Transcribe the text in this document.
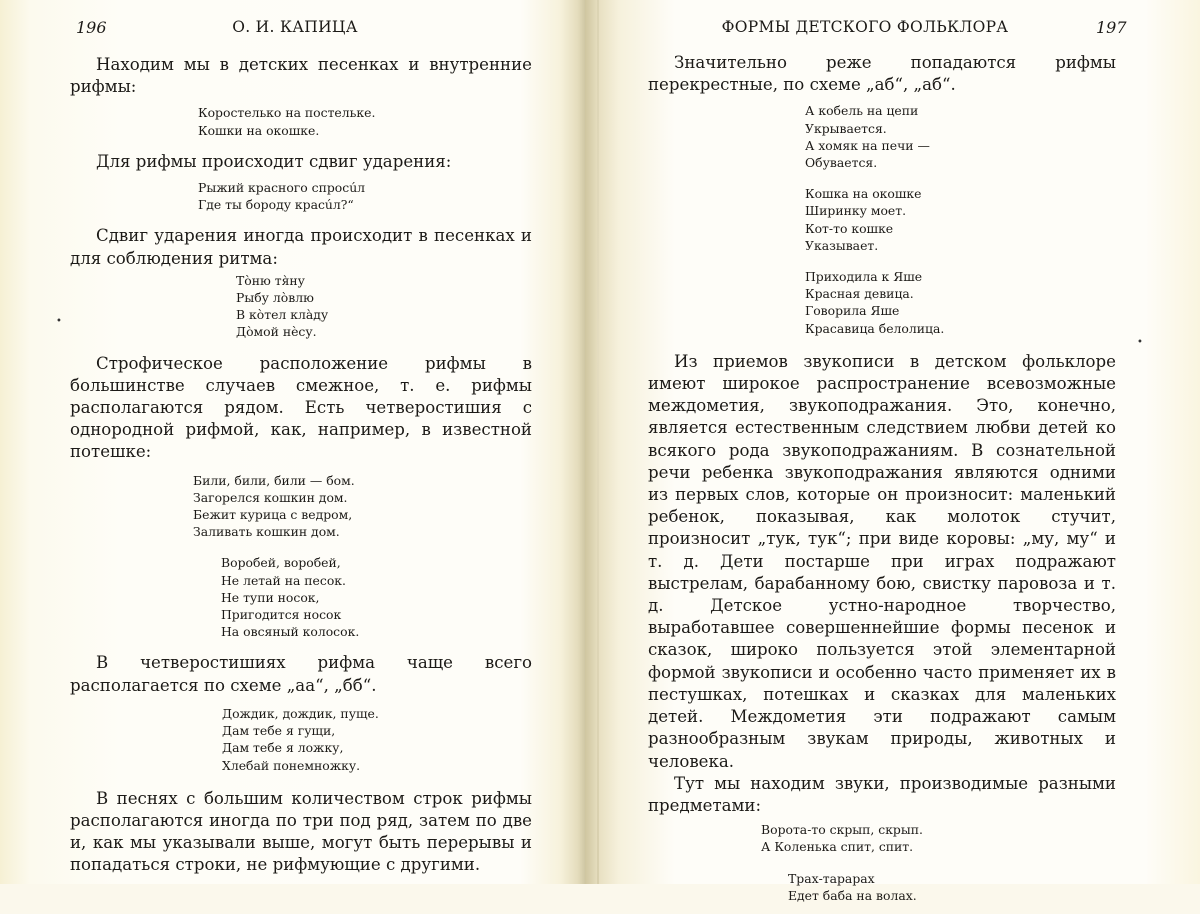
196	О. И. КАПИЦА
•

Находим мы в детских песенках и внутренние рифмы:

Коростелько на постельке.
Кошки на окошке.

Для рифмы происходит сдвиг ударения:

Рыжий красного спросúл
Где ты бороду красúл?“

Сдвиг ударения иногда происходит в песенках и для соблюдения ритма:

Тòню тя̀ну
Рыбу лòвлю
В кòтел кла̀ду
Дòмой нèсу.

Строфическое расположение рифмы в большинстве случаев смежное, т. е. рифмы располагаются рядом. Есть четверостишия с однородной рифмой, как, например, в известной потешке:

Били, били, били — бом.
Загорелся кошкин дом.
Бежит курица с ведром,
Заливать кошкин дом.
Воробей, воробей,
Не летай на песок.
Не тупи носок,
Пригодится носок
На овсяный колосок.

В четверостишиях рифма чаще всего располагается по схеме „аа“, „бб“.

Дождик, дождик, пуще.
Дам тебе я гущи,
Дам тебе я ложку,
Хлебай понемножку.

В песнях с большим количеством строк рифмы располагаются иногда по три под ряд, затем по две и, как мы указывали выше, могут быть перерывы и попадаться строки, не рифмующие с другими.

ФОРМЫ ДЕТСКОГО ФОЛЬКЛОРА	197
•

Значительно реже попадаются рифмы перекрестные, по схеме „аб“, „аб“.

А кобель на цепи
Укрывается.
А хомяк на печи —
Обувается.
Кошка на окошке
Ширинку моет.
Кот-то кошке
Указывает.
Приходила к Яше
Красная девица.
Говорила Яше
Красавица белолица.

Из приемов звукописи в детском фольклоре имеют широкое распространение всевозможные междометия, звукоподражания. Это, конечно, является естественным следствием любви детей ко всякого рода звукоподражаниям. В сознательной речи ребенка звукоподражания являются одними из первых слов, которые он произносит: маленький ребенок, показывая, как молоток стучит, произносит „тук, тук“; при виде коровы: „му, му“ и т. д. Дети постарше при играх подражают выстрелам, барабанному бою, свистку паровоза и т. д. Детское устно-народное творчество, выработавшее совершеннейшие формы песенок и сказок, широко пользуется этой элементарной формой звукописи и особенно часто применяет их в пестушках, потешках и сказках для маленьких детей. Междометия эти подражают самым разнообразным звукам природы, животных и человека.

Тут мы находим звуки, производимые разными предметами:

Ворота-то скрып, скрып.
А Коленька спит, спит.
Трах-тарарах
Едет баба на волах.
